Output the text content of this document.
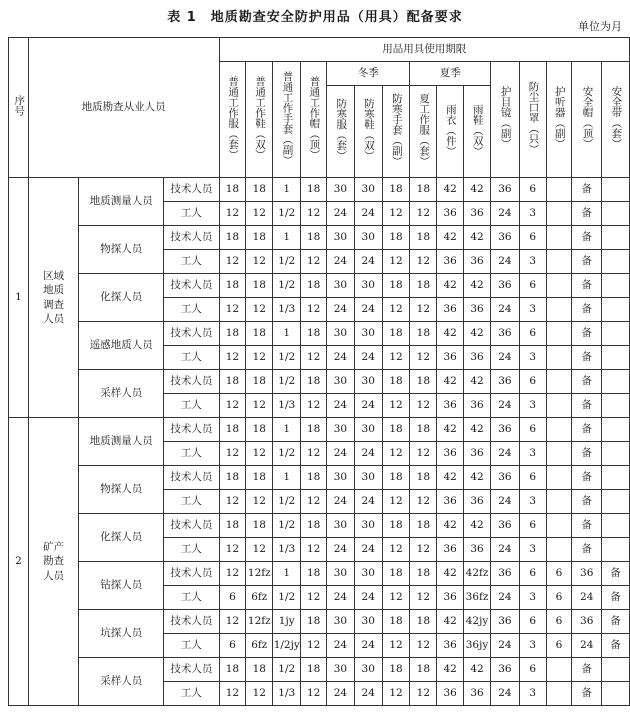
表 1　地质勘查安全防护用品（用具）配备要求
单位为月
序号	地质勘查从业人员			用品用具使用期限														
				普通工作服（套）	普通工作鞋（双）	普通工作手套（副）	普通工作帽（顶）	冬季			夏季			护目镜（副）	防尘口罩（只）	护听器（副）	安全帽（顶）	安全带（套）
								防寒服（套）	防寒鞋（双）	防寒手套（副）	夏工作服（套）	雨衣（件）	雨鞋（双）					
1	区域
地质
调查
人员	地质测量人员	技术人员	18	18	1	18	30	30	18	18	42	42	36	6		备	
			工人	12	12	1/2	12	24	24	12	12	36	36	24	3		备	
		物探人员	技术人员	18	18	1	18	30	30	18	18	42	42	36	6		备	
			工人	12	12	1/2	12	24	24	12	12	36	36	24	3		备	
		化探人员	技术人员	18	18	1/2	18	30	30	18	18	42	42	36	6		备	
			工人	12	12	1/3	12	24	24	12	12	36	36	24	3		备	
		遥感地质人员	技术人员	18	18	1	18	30	30	18	18	42	42	36	6		备	
			工人	12	12	1/2	12	24	24	12	12	36	36	24	3		备	
		采样人员	技术人员	18	18	1/2	18	30	30	18	18	42	42	36	6		备	
			工人	12	12	1/3	12	24	24	12	12	36	36	24	3		备	
2	矿产
勘查
人员	地质测量人员	技术人员	18	18	1	18	30	30	18	18	42	42	36	6		备	
			工人	12	12	1/2	12	24	24	12	12	36	36	24	3		备	
		物探人员	技术人员	18	18	1	18	30	30	18	18	42	42	36	6		备	
			工人	12	12	1/2	12	24	24	12	12	36	36	24	3		备	
		化探人员	技术人员	18	18	1/2	18	30	30	18	18	42	42	36	6		备	
			工人	12	12	1/3	12	24	24	12	12	36	36	24	3		备	
		钻探人员	技术人员	12	12fz	1	18	30	30	18	18	42	42fz	36	6	6	36	备
			工人	6	6fz	1/2	12	24	24	12	12	36	36fz	24	3	6	24	备
		坑探人员	技术人员	12	12fz	1jy	18	30	30	18	18	42	42jy	36	6	6	36	备
			工人	6	6fz	1/2jy	12	24	24	12	12	36	36jy	24	3	6	24	备
		采样人员	技术人员	18	18	1/2	18	30	30	18	18	42	42	36	6		备	
			工人	12	12	1/3	12	24	24	12	12	36	36	24	3		备	
